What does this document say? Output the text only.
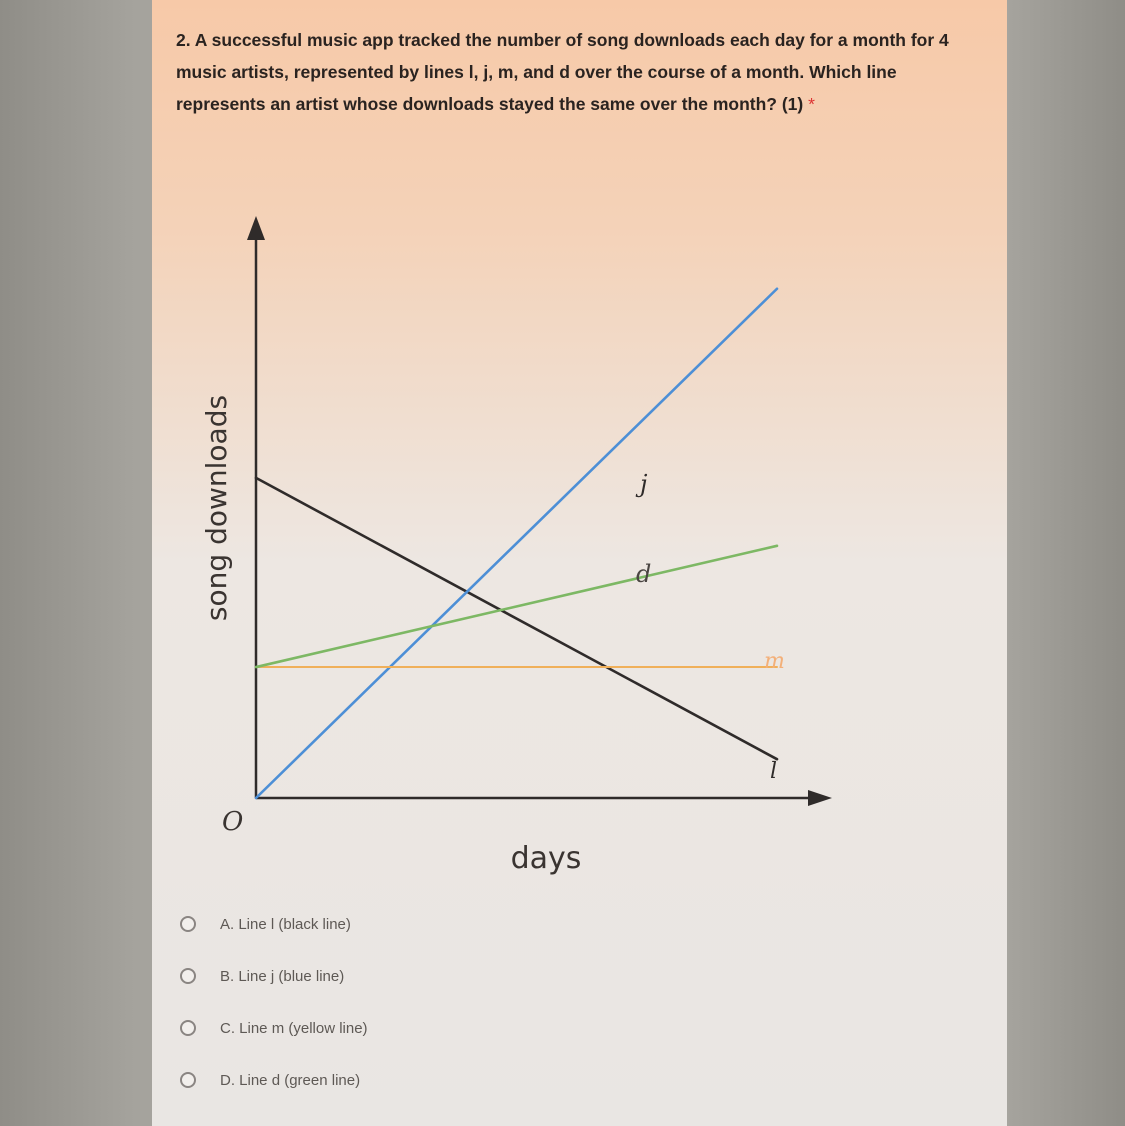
2. A successful music app tracked the number of song downloads each day for a month for 4 music artists, represented by lines l, j, m, and d over the course of a month. Which line represents an artist whose downloads stayed the same over the month? (1) *

l
j
m
d
song downloads
days
O
A. Line l (black line)
B. Line j (blue line)
C. Line m (yellow line)
D. Line d (green line)
